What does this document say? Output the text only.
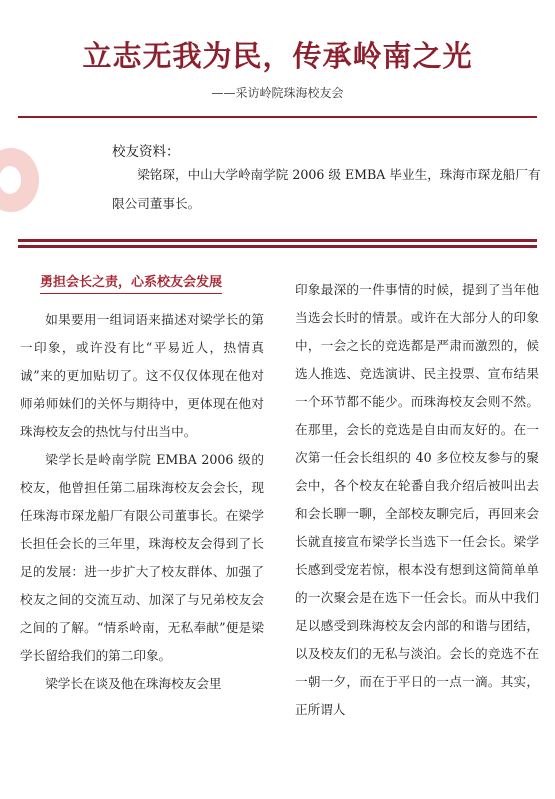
立志无我为民，传承岭南之光
——采访岭院珠海校友会
校友资料：
梁铭琛，中山大学岭南学院 2006 级 EMBA 毕业生，珠海市琛龙船厂有限公司董事长。
勇担会长之责，心系校友会发展

如果要用一组词语来描述对梁学长的第一印象，或许没有比“平易近人，热情真诚”来的更加贴切了。这不仅仅体现在他对师弟师妹们的关怀与期待中，更体现在他对珠海校友会的热忱与付出当中。

梁学长是岭南学院 EMBA 2006 级的校友，他曾担任第二届珠海校友会会长，现任珠海市琛龙船厂有限公司董事长。在梁学长担任会长的三年里，珠海校友会得到了长足的发展：进一步扩大了校友群体、加强了校友之间的交流互动、加深了与兄弟校友会之间的了解。“情系岭南，无私奉献”便是梁学长留给我们的第二印象。

梁学长在谈及他在珠海校友会里

印象最深的一件事情的时候，提到了当年他当选会长时的情景。或许在大部分人的印象中，一会之长的竞选都是严肃而激烈的，候选人推选、竞选演讲、民主投票、宣布结果一个环节都不能少。而珠海校友会则不然。在那里，会长的竞选是自由而友好的。在一次第一任会长组织的 40 多位校友参与的聚会中，各个校友在轮番自我介绍后被叫出去和会长聊一聊，全部校友聊完后，再回来会长就直接宣布梁学长当选下一任会长。梁学长感到受宠若惊，根本没有想到这简简单单的一次聚会是在选下一任会长。而从中我们足以感受到珠海校友会内部的和谐与团结，以及校友们的无私与淡泊。会长的竞选不在一朝一夕，而在于平日的一点一滴。其实，正所谓人
